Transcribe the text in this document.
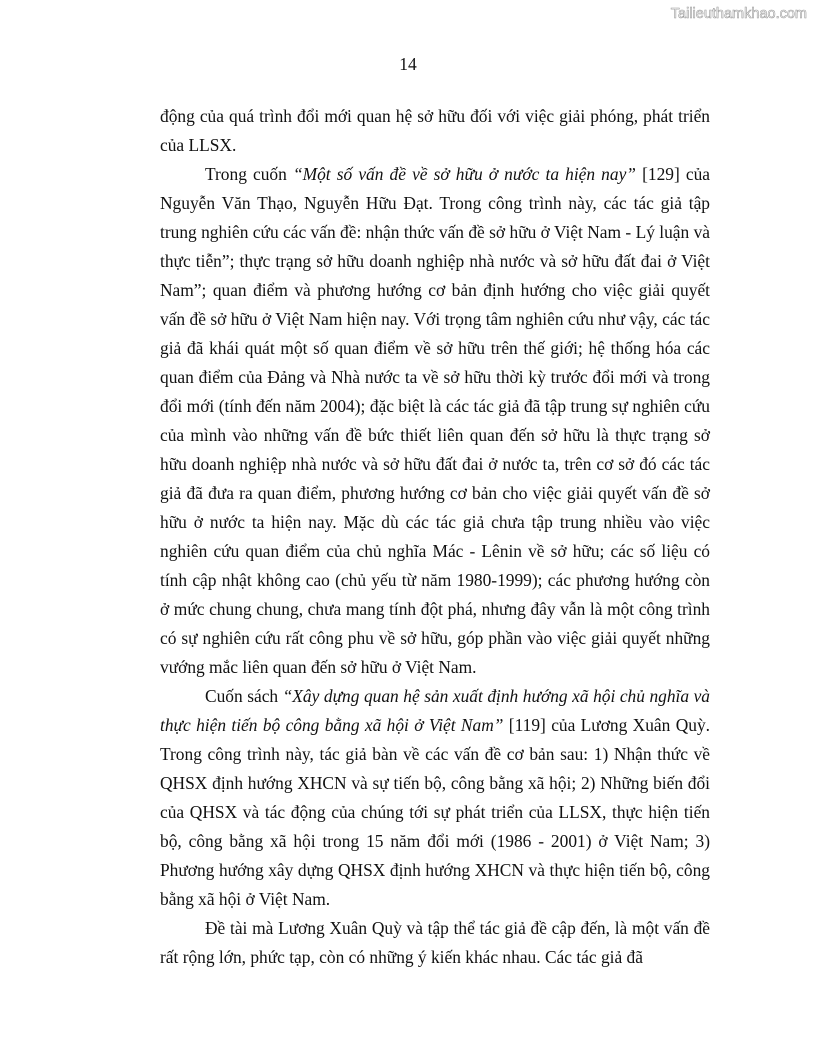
Tailieuthamkhao.com
14

động của quá trình đổi mới quan hệ sở hữu đối với việc giải phóng, phát triển của LLSX.

Trong cuốn “Một số vấn đề về sở hữu ở nước ta hiện nay” [129] của Nguyễn Văn Thạo, Nguyễn Hữu Đạt. Trong công trình này, các tác giả tập trung nghiên cứu các vấn đề: nhận thức vấn đề sở hữu ở Việt Nam - Lý luận và thực tiễn”; thực trạng sở hữu doanh nghiệp nhà nước và sở hữu đất đai ở Việt Nam”; quan điểm và phương hướng cơ bản định hướng cho việc giải quyết vấn đề sở hữu ở Việt Nam hiện nay. Với trọng tâm nghiên cứu như vậy, các tác giả đã khái quát một số quan điểm về sở hữu trên thế giới; hệ thống hóa các quan điểm của Đảng và Nhà nước ta về sở hữu thời kỳ trước đổi mới và trong đổi mới (tính đến năm 2004); đặc biệt là các tác giả đã tập trung sự nghiên cứu của mình vào những vấn đề bức thiết liên quan đến sở hữu là thực trạng sở hữu doanh nghiệp nhà nước và sở hữu đất đai ở nước ta, trên cơ sở đó các tác giả đã đưa ra quan điểm, phương hướng cơ bản cho việc giải quyết vấn đề sở hữu ở nước ta hiện nay. Mặc dù các tác giả chưa tập trung nhiều vào việc nghiên cứu quan điểm của chủ nghĩa Mác - Lênin về sở hữu; các số liệu có tính cập nhật không cao (chủ yếu từ năm 1980-1999); các phương hướng còn ở mức chung chung, chưa mang tính đột phá, nhưng đây vẫn là một công trình có sự nghiên cứu rất công phu về sở hữu, góp phần vào việc giải quyết những vướng mắc liên quan đến sở hữu ở Việt Nam.

Cuốn sách “Xây dựng quan hệ sản xuất định hướng xã hội chủ nghĩa và thực hiện tiến bộ công bằng xã hội ở Việt Nam” [119] của Lương Xuân Quỳ. Trong công trình này, tác giả bàn về các vấn đề cơ bản sau: 1) Nhận thức về QHSX định hướng XHCN và sự tiến bộ, công bằng xã hội; 2) Những biến đổi của QHSX và tác động của chúng tới sự phát triển của LLSX, thực hiện tiến bộ, công bằng xã hội trong 15 năm đổi mới (1986 - 2001) ở Việt Nam; 3) Phương hướng xây dựng QHSX định hướng XHCN và thực hiện tiến bộ, công bằng xã hội ở Việt Nam.

Đề tài mà Lương Xuân Quỳ và tập thể tác giả đề cập đến, là một vấn đề rất rộng lớn, phức tạp, còn có những ý kiến khác nhau. Các tác giả đã
